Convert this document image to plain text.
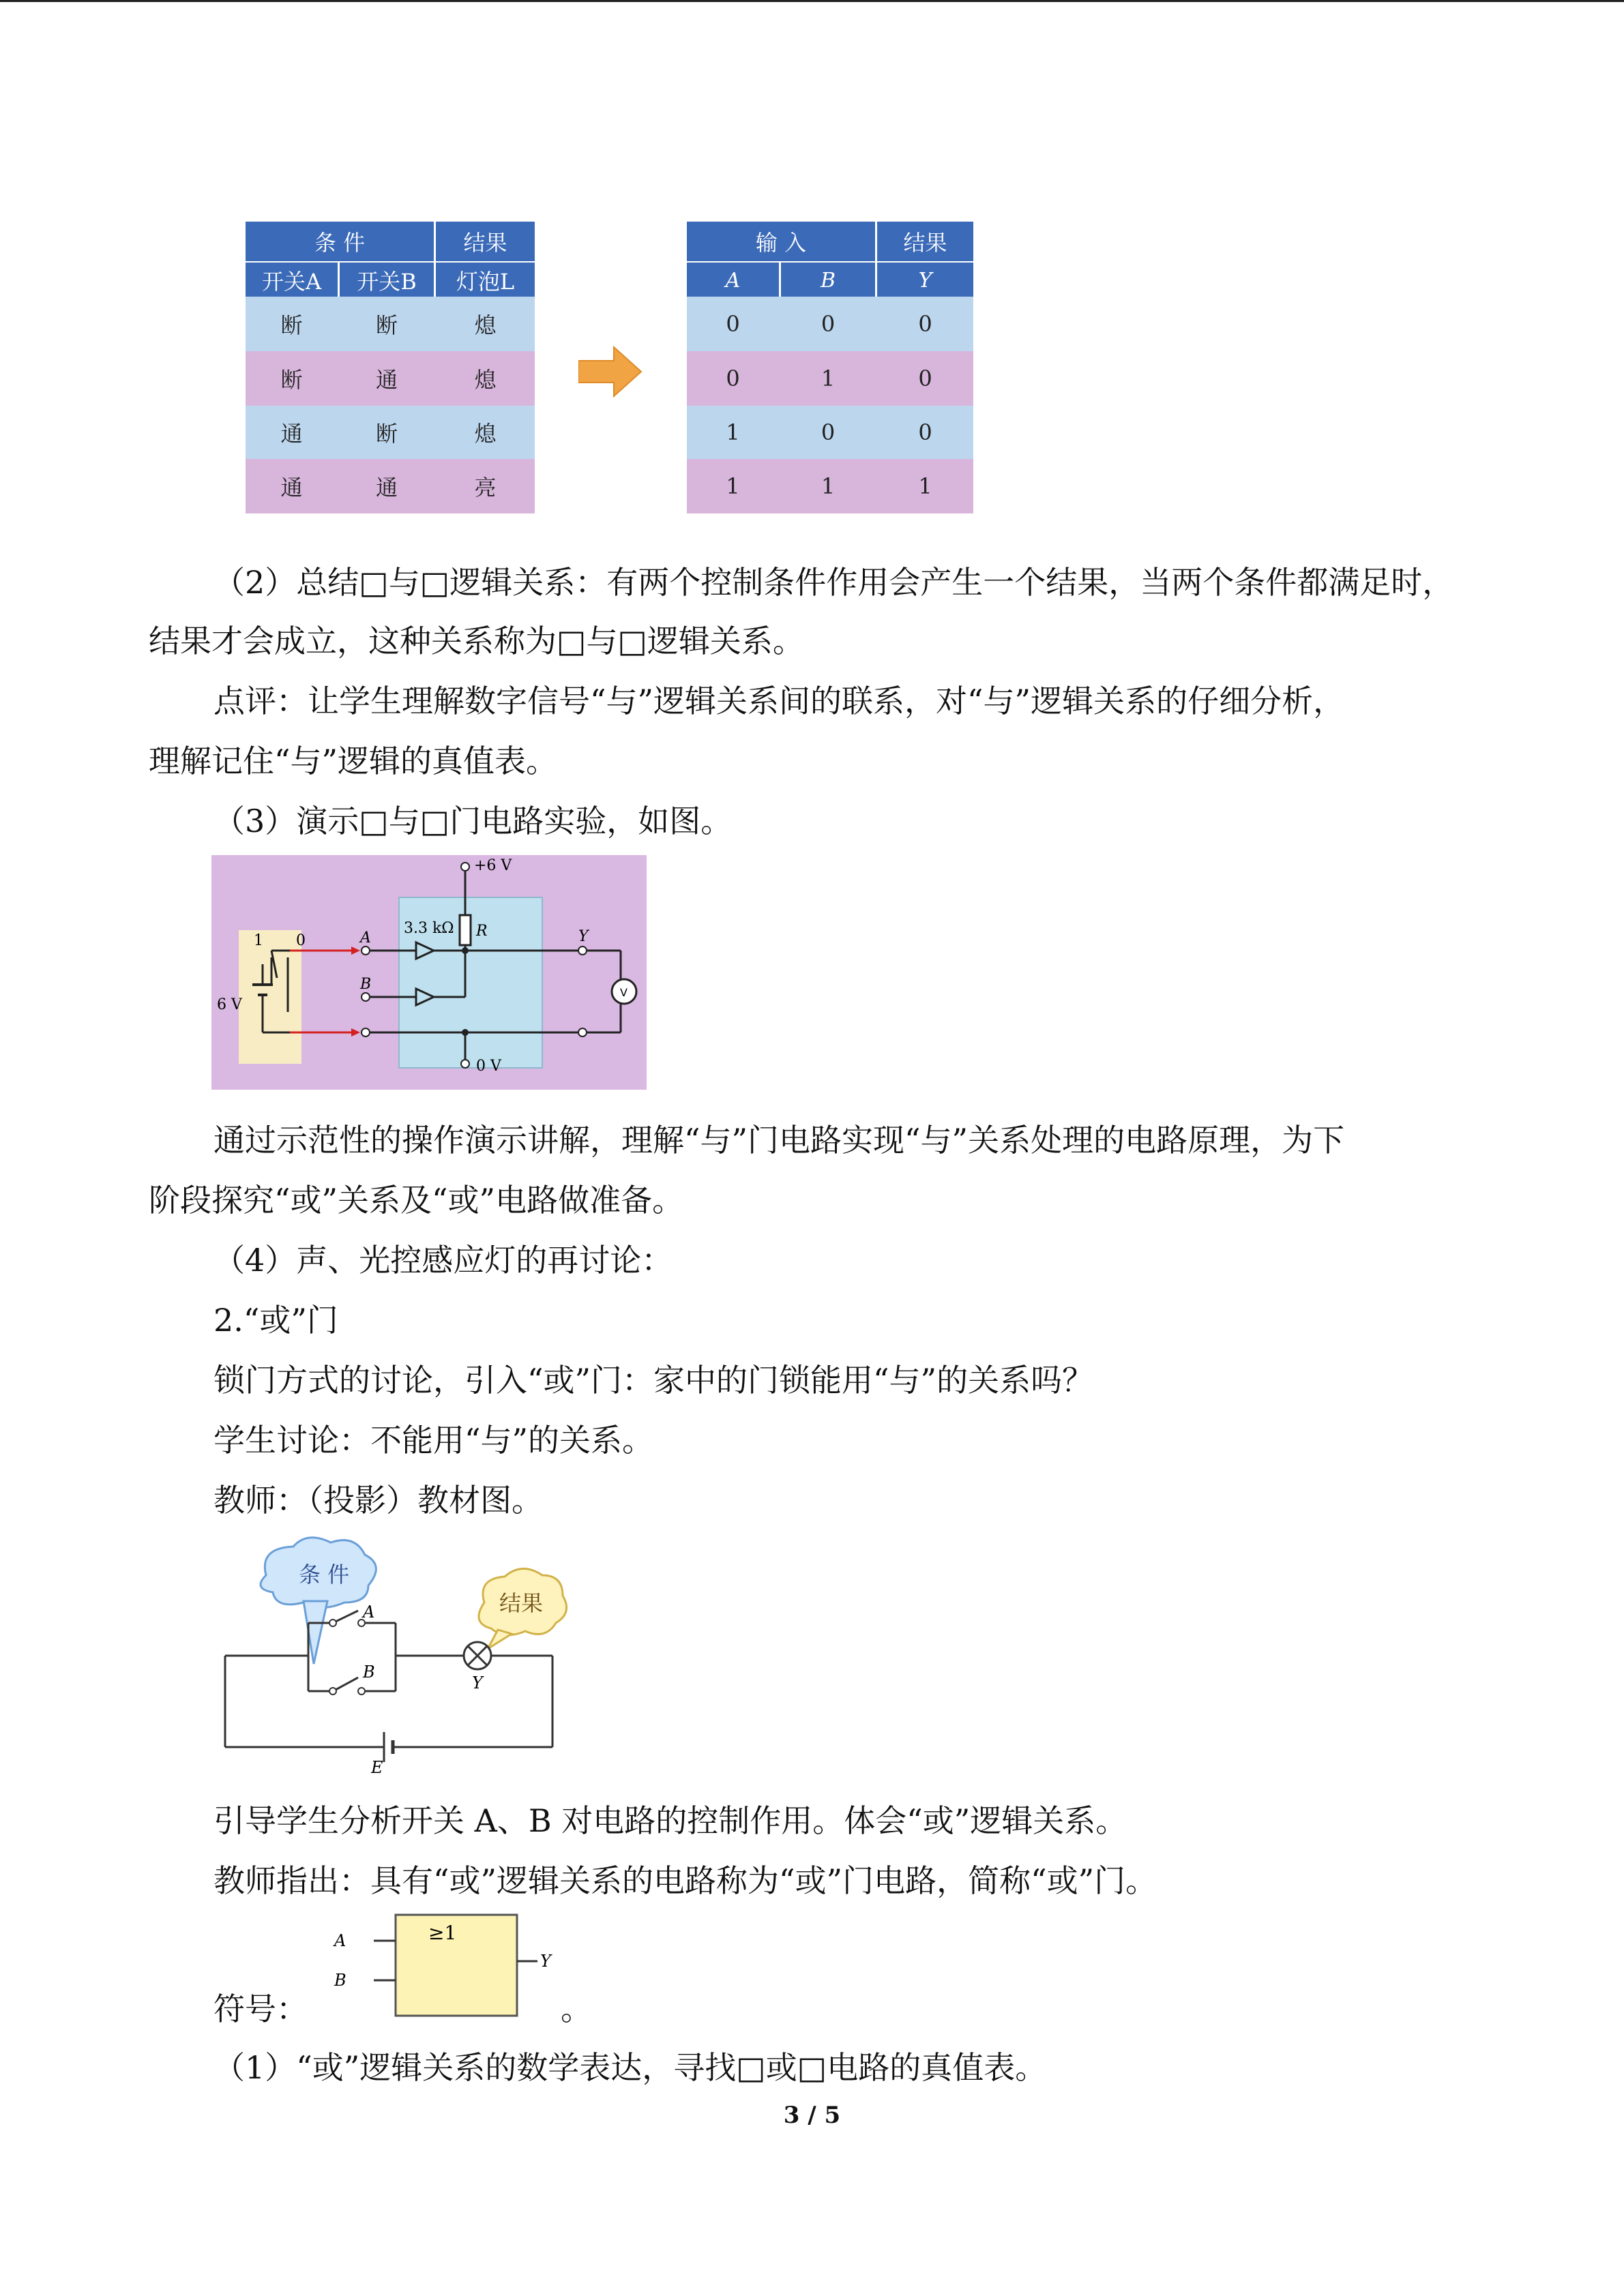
条 件	结果
开关A	开关B	灯泡L
断	断	熄
断	通	熄
通	断	熄
通	通	亮
输 入	结果
A	B	Y
0	0	0
0	1	0
1	0	0
1	1	1
（2）总结□与□逻辑关系：有两个控制条件作用会产生一个结果，当两个条件都满足时，
结果才会成立，这种关系称为□与□逻辑关系。
点评：让学生理解数字信号“与”逻辑关系间的联系，对“与”逻辑关系的仔细分析，
理解记住“与”逻辑的真值表。
（3）演示□与□门电路实验，如图。
+6 V
3.3 kΩ R
A
B
Y
6 V
1 0
0 V
V
通过示范性的操作演示讲解，理解“与”门电路实现“与”关系处理的电路原理，为下
阶段探究“或”关系及“或”电路做准备。
（4）声、光控感应灯的再讨论：
2.“或”门
锁门方式的讨论，引入“或”门：家中的门锁能用“与”的关系吗？
学生讨论：不能用“与”的关系。
教师：（投影）教材图。
条 件
结果
A
B
Y
E
引导学生分析开关 A、B 对电路的控制作用。体会“或”逻辑关系。
教师指出：具有“或”逻辑关系的电路称为“或”门电路，简称“或”门。
符号：
A
B
Y
≥1
。
（1）“或”逻辑关系的数学表达，寻找□或□电路的真值表。
3 / 5
